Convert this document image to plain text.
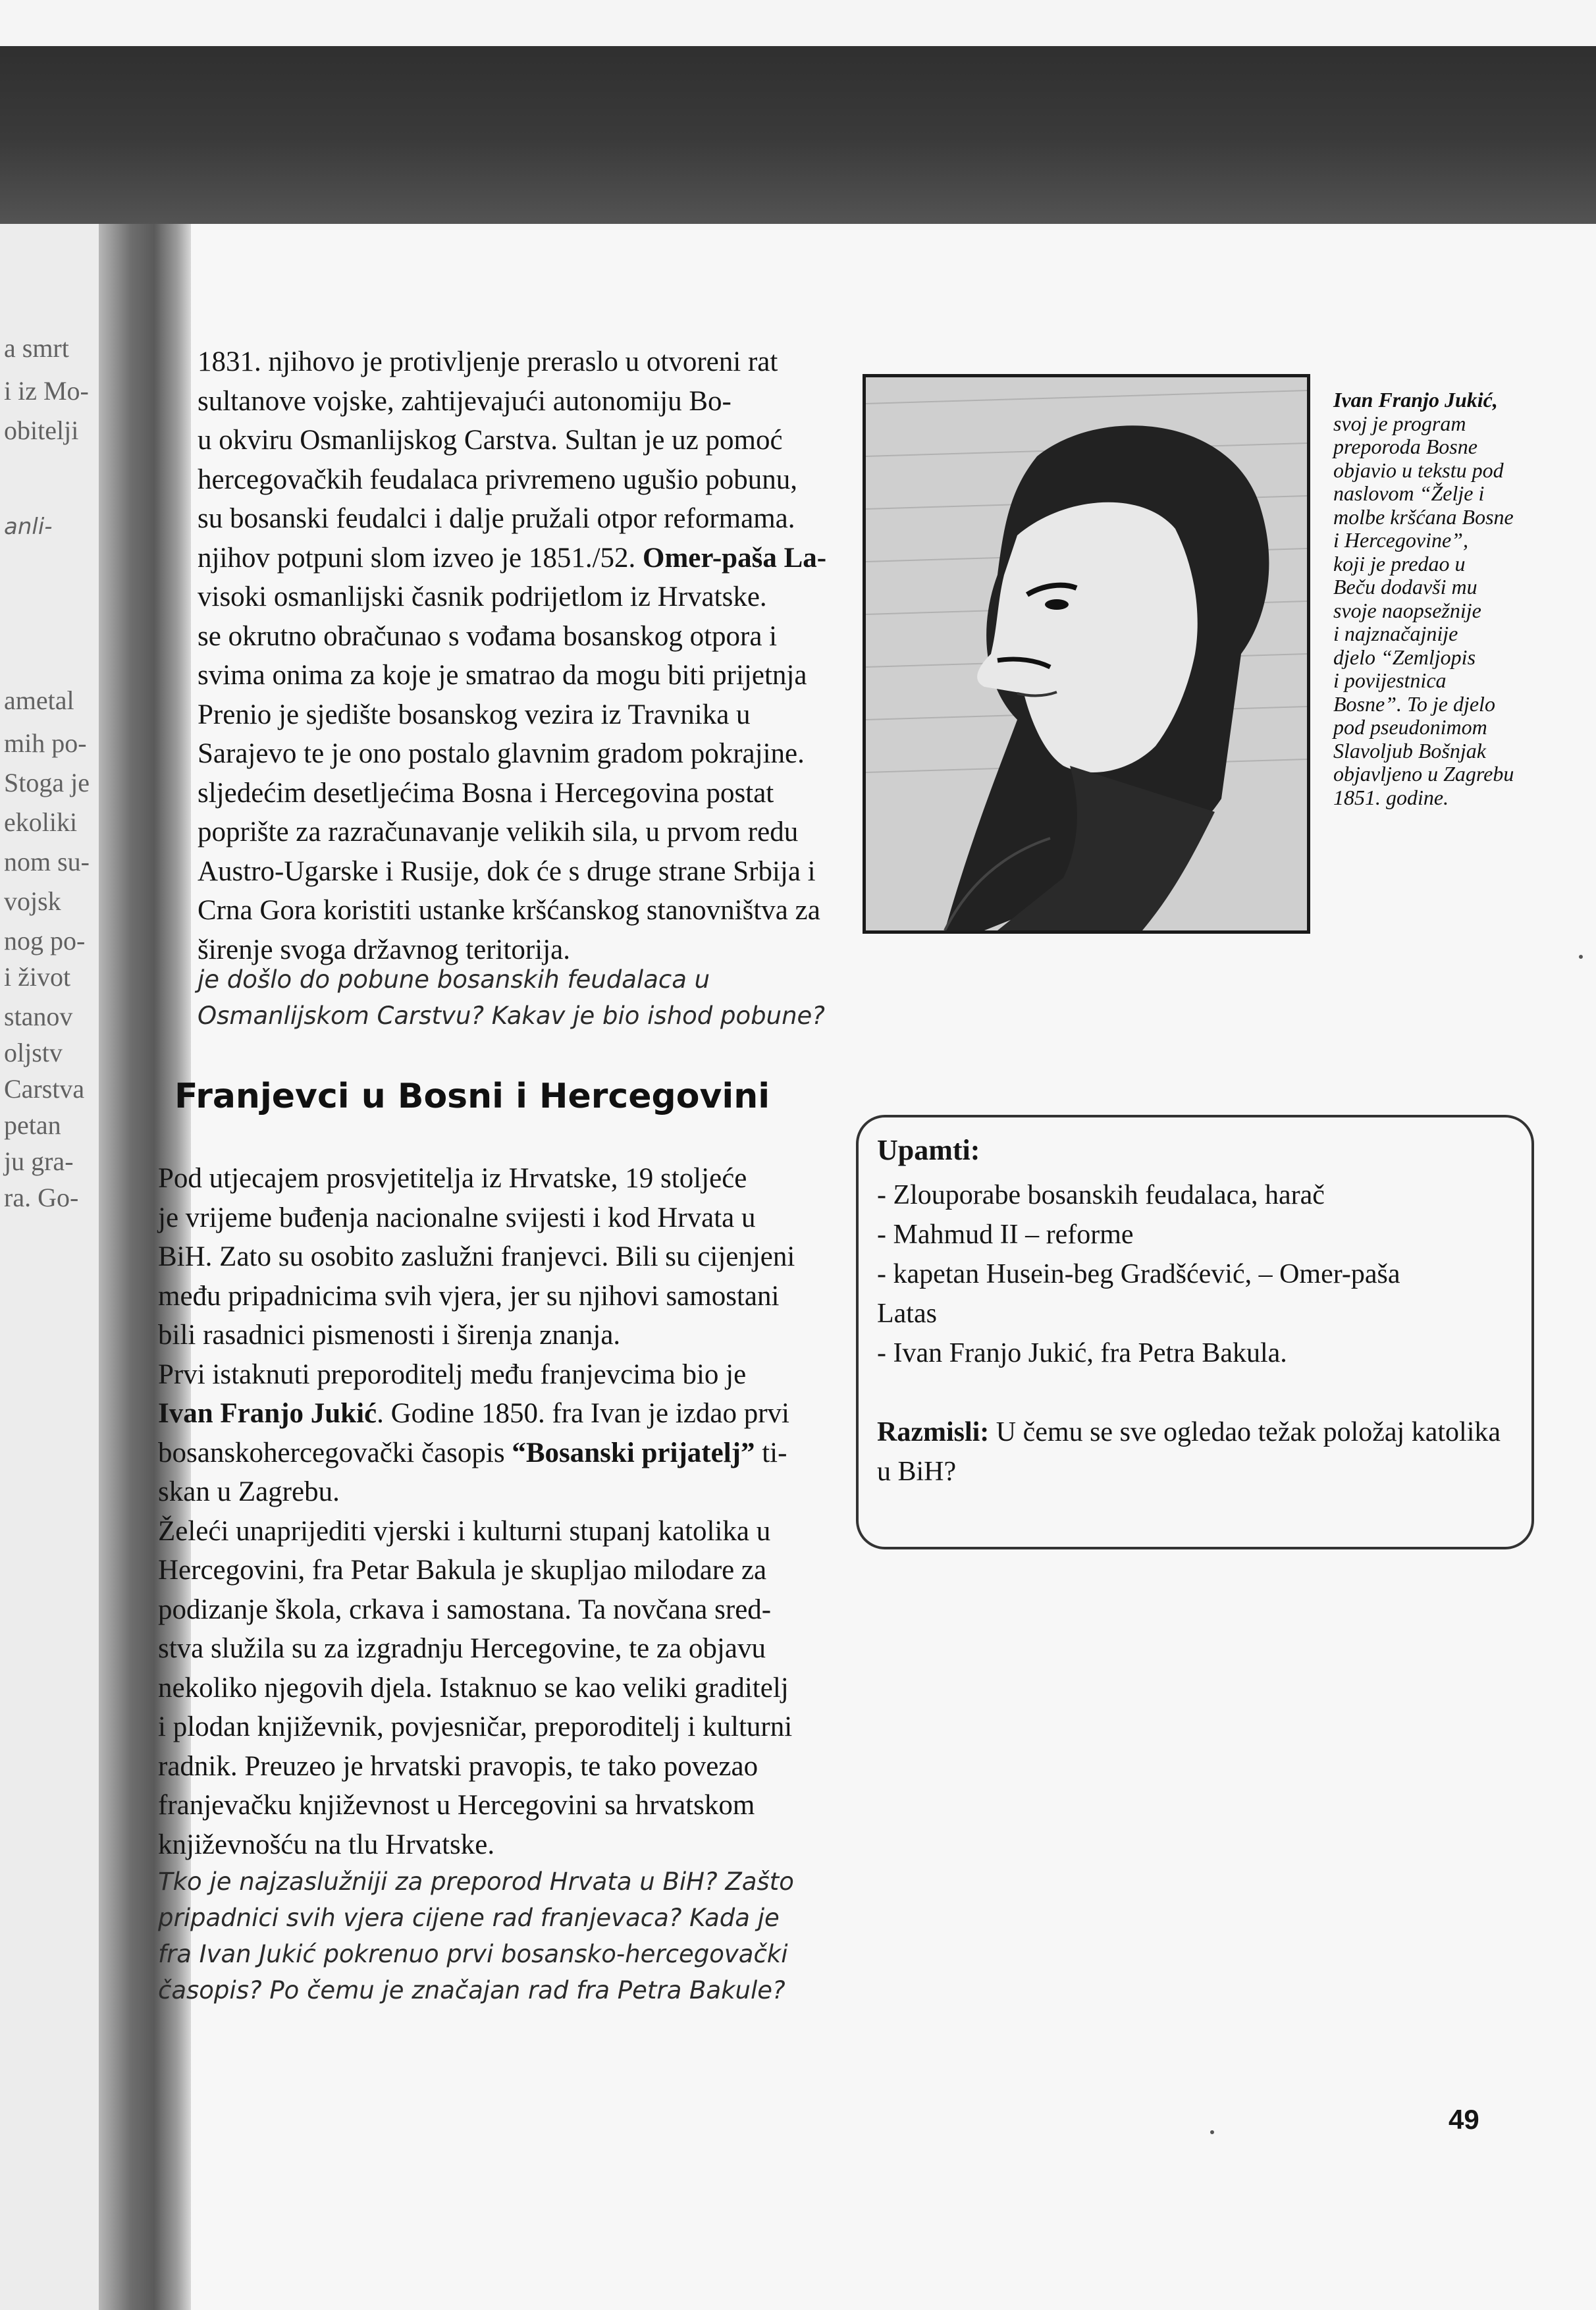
a smrt
i iz Mo-
obitelji
anli-
ametal
mih po-
Stoga je
ekoliki
nom su-
vojsk
nog po-
i život
stanov
oljstv
Carstva
petan
ju gra-
ra. Go-

1831. njihovo je protivljenje preraslo u otvoreni rat

sultanove vojske, zahtijevajući autonomiju Bo-

u okviru Osmanlijskog Carstva. Sultan je uz pomoć

hercegovačkih feudalaca privremeno ugušio pobunu,

su bosanski feudalci i dalje pružali otpor reformama.

njihov potpuni slom izveo je 1851./52. Omer-paša La-

visoki osmanlijski časnik podrijetlom iz Hrvatske.

se okrutno obračunao s vođama bosanskog otpora i

svima onima za koje je smatrao da mogu biti prijetnja

Prenio je sjedište bosanskog vezira iz Travnika u

Sarajevo te je ono postalo glavnim gradom pokrajine.

sljedećim desetljećima Bosna i Hercegovina postat

poprište za razračunavanje velikih sila, u prvom redu

Austro-Ugarske i Rusije, dok će s druge strane Srbija i

Crna Gora koristiti ustanke kršćanskog stanovništva za

širenje svoga državnog teritorija.

je došlo do pobune bosanskih feudalaca u

Osmanlijskom Carstvu? Kakav je bio ishod pobune?

Ivan Franjo Jukić,

svoj je program

preporoda Bosne

objavio u tekstu pod

naslovom “Želje i

molbe kršćana Bosne

i Hercegovine”,

koji je predao u

Beču dodavši mu

svoje naopsežnije

i najznačajnije

djelo “Zemljopis

i povijestnica

Bosne”. To je djelo

pod pseudonimom

Slavoljub Bošnjak

objavljeno u Zagrebu

1851. godine.

Franjevci u Bosni i Hercegovini

Pod utjecajem prosvjetitelja iz Hrvatske, 19 stoljeće

je vrijeme buđenja nacionalne svijesti i kod Hrvata u

BiH. Zato su osobito zaslužni franjevci. Bili su cijenjeni

među pripadnicima svih vjera, jer su njihovi samostani

bili rasadnici pismenosti i širenja znanja.

Prvi istaknuti preporoditelj među franjevcima bio je

Ivan Franjo Jukić. Godine 1850. fra Ivan je izdao prvi

bosanskohercegovački časopis “Bosanski prijatelj” ti-

skan u Zagrebu.

Želeći unaprijediti vjerski i kulturni stupanj katolika u

Hercegovini, fra Petar Bakula je skupljao milodare za

podizanje škola, crkava i samostana. Ta novčana sred-

stva služila su za izgradnju Hercegovine, te za objavu

nekoliko njegovih djela. Istaknuo se kao veliki graditelj

i plodan književnik, povjesničar, preporoditelj i kulturni

radnik. Preuzeo je hrvatski pravopis, te tako povezao

franjevačku književnost u Hercegovini sa hrvatskom

književnošću na tlu Hrvatske.

Tko je najzaslužniji za preporod Hrvata u BiH? Zašto

pripadnici svih vjera cijene rad franjevaca? Kada je

fra Ivan Jukić pokrenuo prvi bosansko-hercegovački

časopis? Po čemu je značajan rad fra Petra Bakule?

Upamti:

- Zlouporabe bosanskih feudalaca, harač

- Mahmud II – reforme

- kapetan Husein-beg Gradšćević, – Omer-paša

Latas

- Ivan Franjo Jukić, fra Petra Bakula.

Razmisli: U čemu se sve ogledao težak položaj katolika u BiH?

49
